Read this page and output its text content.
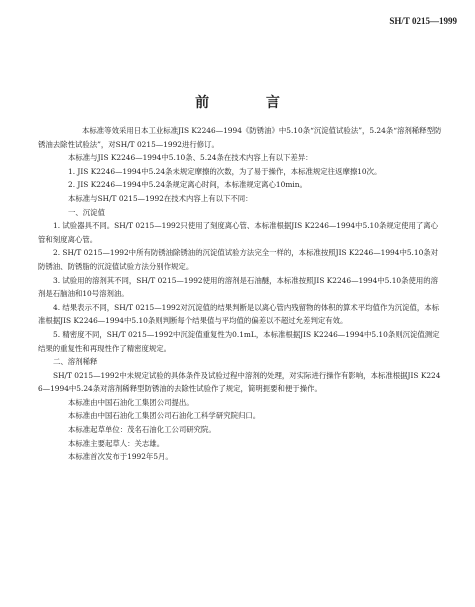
SH/T 0215—1999
前 言

本标准等效采用日本工业标准JIS K2246—1994《防锈油》中5.10条“沉淀值试验法”，5.24条“溶剂稀释型防锈油去除性试验法”，对SH/T 0215—1992进行修订。

本标准与JIS K2246—1994中5.10条、5.24条在技术内容上有以下差异：

1. JIS K2246—1994中5.24条未规定摩擦的次数，为了易于操作，本标准规定往返摩擦10次。

2. JIS K2246—1994中5.24条规定离心时间，本标准规定离心10min。

本标准与SH/T 0215—1992在技术内容上有以下不同：

一、沉淀值

1. 试验器具不同。SH/T 0215—1992只使用了刻度离心管、本标准根据JIS K2246—1994中5.10条规定使用了离心管和刻度离心管。

2. SH/T 0215—1992中所有防锈油除锈油的沉淀值试验方法完全一样的，本标准按照JIS K2246—1994中5.10条对防锈油、防锈脂的沉淀值试验方法分别作规定。

3. 试验用的溶剂其不同，SH/T 0215—1992使用的溶剂是石油醚，本标准按照JIS K2246—1994中5.10条使用的溶剂是石脑油和10号溶剂油。

4. 结果表示不同，SH/T 0215—1992对沉淀值的结果判断是以离心管内残留物的体积的算术平均值作为沉淀值，本标准根据JIS K2246—1994中5.10条则判断每个结果值与平均值的偏差以不超过允差判定有效。

5. 精密度不同，SH/T 0215—1992中沉淀值重复性为0.1mL，本标准根据JIS K2246—1994中5.10条则沉淀值测定结果的重复性和再现性作了精密度规定。

二、溶剂稀释

SH/T 0215—1992中未规定试验的具体条件及试验过程中溶剂的处理，对实际进行操作有影响，本标准根据JIS K2246—1994中5.24条对溶剂稀释型防锈油的去除性试验作了规定，简明扼要和便于操作。

本标准由中国石油化工集团公司提出。

本标准由中国石油化工集团公司石油化工科学研究院归口。

本标准起草单位：茂名石油化工公司研究院。

本标准主要起草人：关志雄。

本标准首次发布于1992年5月。
